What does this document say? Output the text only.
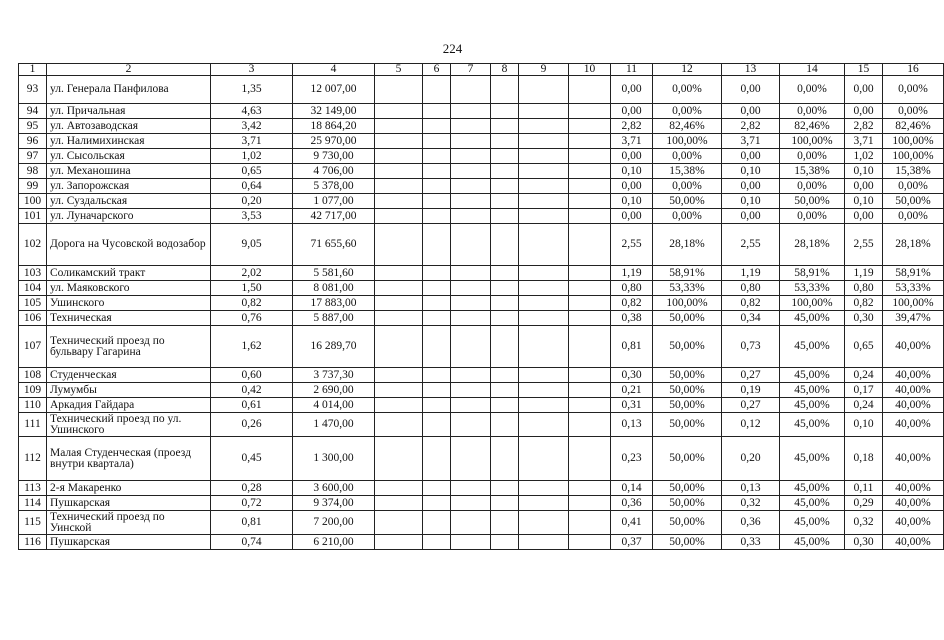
224
1	2	3	4	5	6	7	8	9	10	11	12	13	14	15	16
93	ул. Генерала Панфилова	1,35	12 007,00							0,00	0,00%	0,00	0,00%	0,00	0,00%
94	ул. Причальная	4,63	32 149,00							0,00	0,00%	0,00	0,00%	0,00	0,00%
95	ул. Автозаводская	3,42	18 864,20							2,82	82,46%	2,82	82,46%	2,82	82,46%
96	ул. Налимихинская	3,71	25 970,00							3,71	100,00%	3,71	100,00%	3,71	100,00%
97	ул. Сысольская	1,02	9 730,00							0,00	0,00%	0,00	0,00%	1,02	100,00%
98	ул. Механошина	0,65	4 706,00							0,10	15,38%	0,10	15,38%	0,10	15,38%
99	ул. Запорожская	0,64	5 378,00							0,00	0,00%	0,00	0,00%	0,00	0,00%
100	ул. Суздальская	0,20	1 077,00							0,10	50,00%	0,10	50,00%	0,10	50,00%
101	ул. Луначарского	3,53	42 717,00							0,00	0,00%	0,00	0,00%	0,00	0,00%
102	Дорога на Чусовской водозабор	9,05	71 655,60							2,55	28,18%	2,55	28,18%	2,55	28,18%
103	Соликамский тракт	2,02	5 581,60							1,19	58,91%	1,19	58,91%	1,19	58,91%
104	ул. Маяковского	1,50	8 081,00							0,80	53,33%	0,80	53,33%	0,80	53,33%
105	Ушинского	0,82	17 883,00							0,82	100,00%	0,82	100,00%	0,82	100,00%
106	Техническая	0,76	5 887,00							0,38	50,00%	0,34	45,00%	0,30	39,47%
107	Технический проезд по бульвару Гагарина	1,62	16 289,70							0,81	50,00%	0,73	45,00%	0,65	40,00%
108	Студенческая	0,60	3 737,30							0,30	50,00%	0,27	45,00%	0,24	40,00%
109	Лумумбы	0,42	2 690,00							0,21	50,00%	0,19	45,00%	0,17	40,00%
110	Аркадия Гайдара	0,61	4 014,00							0,31	50,00%	0,27	45,00%	0,24	40,00%
111	Технический проезд по ул. Ушинского	0,26	1 470,00							0,13	50,00%	0,12	45,00%	0,10	40,00%
112	Малая Студенческая (проезд внутри квартала)	0,45	1 300,00							0,23	50,00%	0,20	45,00%	0,18	40,00%
113	2-я Макаренко	0,28	3 600,00							0,14	50,00%	0,13	45,00%	0,11	40,00%
114	Пушкарская	0,72	9 374,00							0,36	50,00%	0,32	45,00%	0,29	40,00%
115	Технический проезд по Уинской	0,81	7 200,00							0,41	50,00%	0,36	45,00%	0,32	40,00%
116	Пушкарская	0,74	6 210,00							0,37	50,00%	0,33	45,00%	0,30	40,00%
